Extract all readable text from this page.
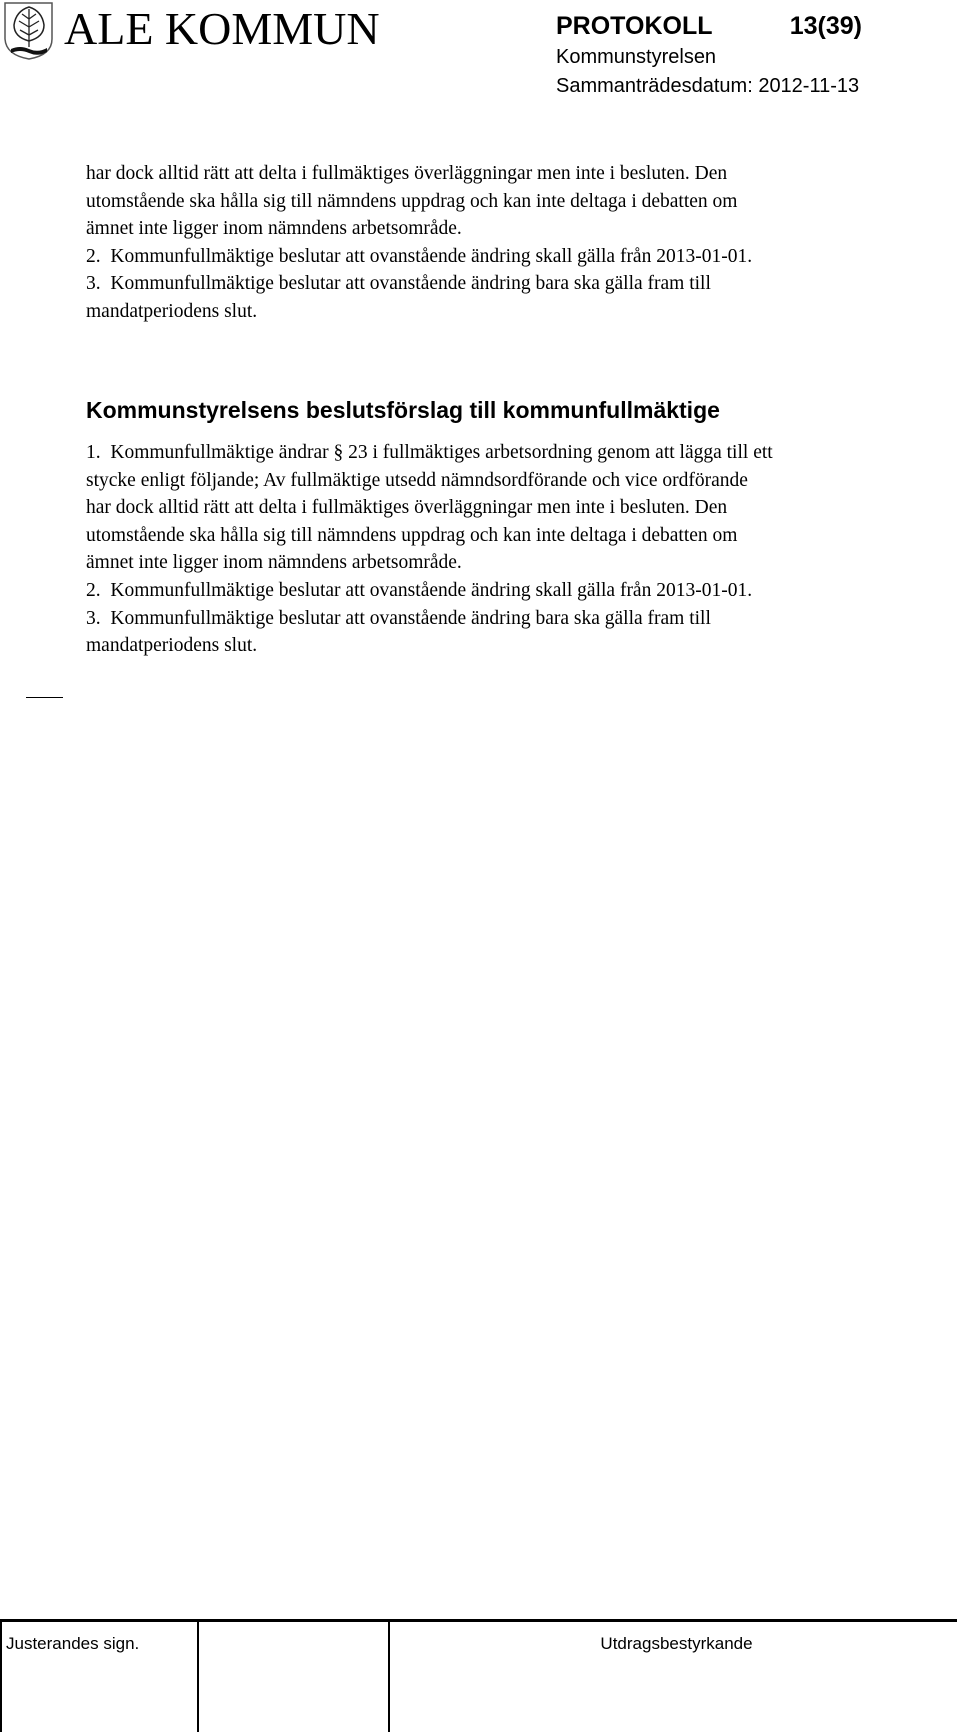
ALE KOMMUN	PROTOKOLL	13(39)
Kommunstyrelsen
Sammanträdesdatum: 2012-11-13
har dock alltid rätt att delta i fullmäktiges överläggningar men inte i besluten. Den
utomstående ska hålla sig till nämndens uppdrag och kan inte deltaga i debatten om
ämnet inte ligger inom nämndens arbetsområde.
2.  Kommunfullmäktige beslutar att ovanstående ändring skall gälla från 2013-01-01.
3.  Kommunfullmäktige beslutar att ovanstående ändring bara ska gälla fram till
mandatperiodens slut.
Kommunstyrelsens beslutsförslag till kommunfullmäktige
1.  Kommunfullmäktige ändrar § 23 i fullmäktiges arbetsordning genom att lägga till ett
stycke enligt följande; Av fullmäktige utsedd nämndsordförande och vice ordförande
har dock alltid rätt att delta i fullmäktiges överläggningar men inte i besluten. Den
utomstående ska hålla sig till nämndens uppdrag och kan inte deltaga i debatten om
ämnet inte ligger inom nämndens arbetsområde.
2.  Kommunfullmäktige beslutar att ovanstående ändring skall gälla från 2013-01-01.
3.  Kommunfullmäktige beslutar att ovanstående ändring bara ska gälla fram till
mandatperiodens slut.
Justerandes sign.	Utdragsbestyrkande
